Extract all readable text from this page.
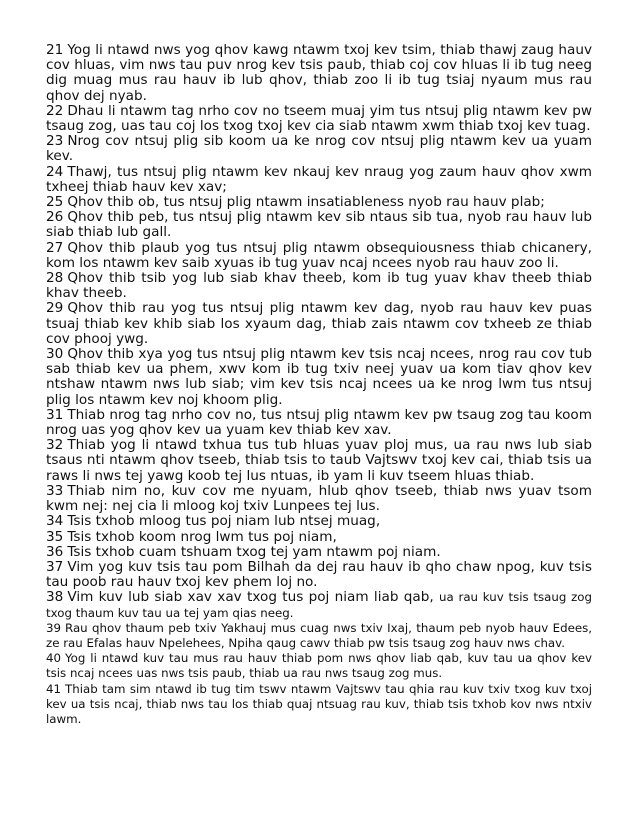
21 Yog li ntawd nws yog qhov kawg ntawm txoj kev tsim, thiab thawj zaug hauv cov hluas, vim nws tau puv nrog kev tsis paub, thiab coj cov hluas li ib tug neeg dig muag mus rau hauv ib lub qhov, thiab zoo li ib tug tsiaj nyaum mus rau qhov dej nyab.

22 Dhau li ntawm tag nrho cov no tseem muaj yim tus ntsuj plig ntawm kev pw tsaug zog, uas tau coj los txog txoj kev cia siab ntawm xwm thiab txoj kev tuag.

23 Nrog cov ntsuj plig sib koom ua ke nrog cov ntsuj plig ntawm kev ua yuam kev.

24 Thawj, tus ntsuj plig ntawm kev nkauj kev nraug yog zaum hauv qhov xwm txheej thiab hauv kev xav;

25 Qhov thib ob, tus ntsuj plig ntawm insatiableness nyob rau hauv plab;

26 Qhov thib peb, tus ntsuj plig ntawm kev sib ntaus sib tua, nyob rau hauv lub siab thiab lub gall.

27 Qhov thib plaub yog tus ntsuj plig ntawm obsequiousness thiab chicanery, kom los ntawm kev saib xyuas ib tug yuav ncaj ncees nyob rau hauv zoo li.

28 Qhov thib tsib yog lub siab khav theeb, kom ib tug yuav khav theeb thiab khav theeb.

29 Qhov thib rau yog tus ntsuj plig ntawm kev dag, nyob rau hauv kev puas tsuaj thiab kev khib siab los xyaum dag, thiab zais ntawm cov txheeb ze thiab cov phooj ywg.

30 Qhov thib xya yog tus ntsuj plig ntawm kev tsis ncaj ncees, nrog rau cov tub sab thiab kev ua phem, xwv kom ib tug txiv neej yuav ua kom tiav qhov kev ntshaw ntawm nws lub siab; vim kev tsis ncaj ncees ua ke nrog lwm tus ntsuj plig los ntawm kev noj khoom plig.

31 Thiab nrog tag nrho cov no, tus ntsuj plig ntawm kev pw tsaug zog tau koom nrog uas yog qhov kev ua yuam kev thiab kev xav.

32 Thiab yog li ntawd txhua tus tub hluas yuav ploj mus, ua rau nws lub siab tsaus nti ntawm qhov tseeb, thiab tsis to taub Vajtswv txoj kev cai, thiab tsis ua raws li nws tej yawg koob tej lus ntuas, ib yam li kuv tseem hluas thiab.

33 Thiab nim no, kuv cov me nyuam, hlub qhov tseeb, thiab nws yuav tsom kwm nej: nej cia li mloog koj txiv Lunpees tej lus.

34 Tsis txhob mloog tus poj niam lub ntsej muag,

35 Tsis txhob koom nrog lwm tus poj niam,

36 Tsis txhob cuam tshuam txog tej yam ntawm poj niam.

37 Vim yog kuv tsis tau pom Bilhah da dej rau hauv ib qho chaw npog, kuv tsis tau poob rau hauv txoj kev phem loj no.

38 Vim kuv lub siab xav xav txog tus poj niam liab qab, ua rau kuv tsis tsaug zog txog thaum kuv tau ua tej yam qias neeg.

39 Rau qhov thaum peb txiv Yakhauj mus cuag nws txiv Ixaj, thaum peb nyob hauv Edees, ze rau Efalas hauv Npelehees, Npiha qaug cawv thiab pw tsis tsaug zog hauv nws chav.

40 Yog li ntawd kuv tau mus rau hauv thiab pom nws qhov liab qab, kuv tau ua qhov kev tsis ncaj ncees uas nws tsis paub, thiab ua rau nws tsaug zog mus.

41 Thiab tam sim ntawd ib tug tim tswv ntawm Vajtswv tau qhia rau kuv txiv txog kuv txoj kev ua tsis ncaj, thiab nws tau los thiab quaj ntsuag rau kuv, thiab tsis txhob kov nws ntxiv lawm.
